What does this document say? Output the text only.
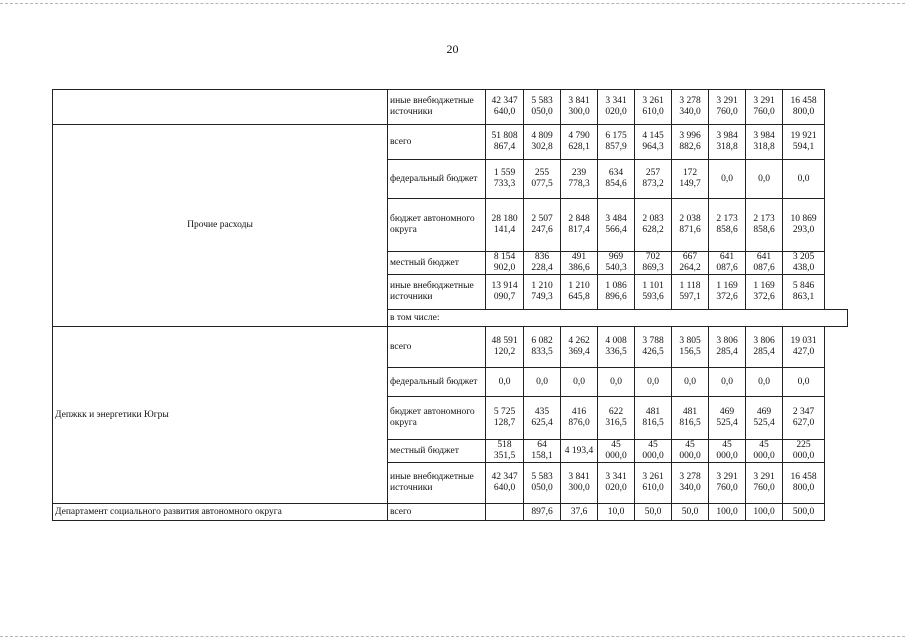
20
	иные внебюджетные источники	42 347 640,0	5 583 050,0	3 841 300,0	3 341 020,0	3 261 610,0	3 278 340,0	3 291 760,0	3 291 760,0	16 458 800,0
Прочие расходы	всего	51 808 867,4	4 809 302,8	4 790 628,1	6 175 857,9	4 145 964,3	3 996 882,6	3 984 318,8	3 984 318,8	19 921 594,1
	федеральный бюджет	1 559 733,3	255 077,5	239 778,3	634 854,6	257 873,2	172 149,7	0,0	0,0	0,0
	бюджет автономного округа	28 180 141,4	2 507 247,6	2 848 817,4	3 484 566,4	2 083 628,2	2 038 871,6	2 173 858,6	2 173 858,6	10 869 293,0
	местный бюджет	8 154 902,0	836 228,4	491 386,6	969 540,3	702 869,3	667 264,2	641 087,6	641 087,6	3 205 438,0
	иные внебюджетные источники	13 914 090,7	1 210 749,3	1 210 645,8	1 086 896,6	1 101 593,6	1 118 597,1	1 169 372,6	1 169 372,6	5 846 863,1
	в том числе:									
Депжкк и энергетики Югры	всего	48 591 120,2	6 082 833,5	4 262 369,4	4 008 336,5	3 788 426,5	3 805 156,5	3 806 285,4	3 806 285,4	19 031 427,0
	федеральный бюджет	0,0	0,0	0,0	0,0	0,0	0,0	0,0	0,0	0,0
	бюджет автономного округа	5 725 128,7	435 625,4	416 876,0	622 316,5	481 816,5	481 816,5	469 525,4	469 525,4	2 347 627,0
	местный бюджет	518 351,5	64 158,1	4 193,4	45 000,0	45 000,0	45 000,0	45 000,0	45 000,0	225 000,0
	иные внебюджетные источники	42 347 640,0	5 583 050,0	3 841 300,0	3 341 020,0	3 261 610,0	3 278 340,0	3 291 760,0	3 291 760,0	16 458 800,0
Департамент социального развития автономного округа	всего		897,6	37,6	10,0	50,0	50,0	100,0	100,0	500,0
